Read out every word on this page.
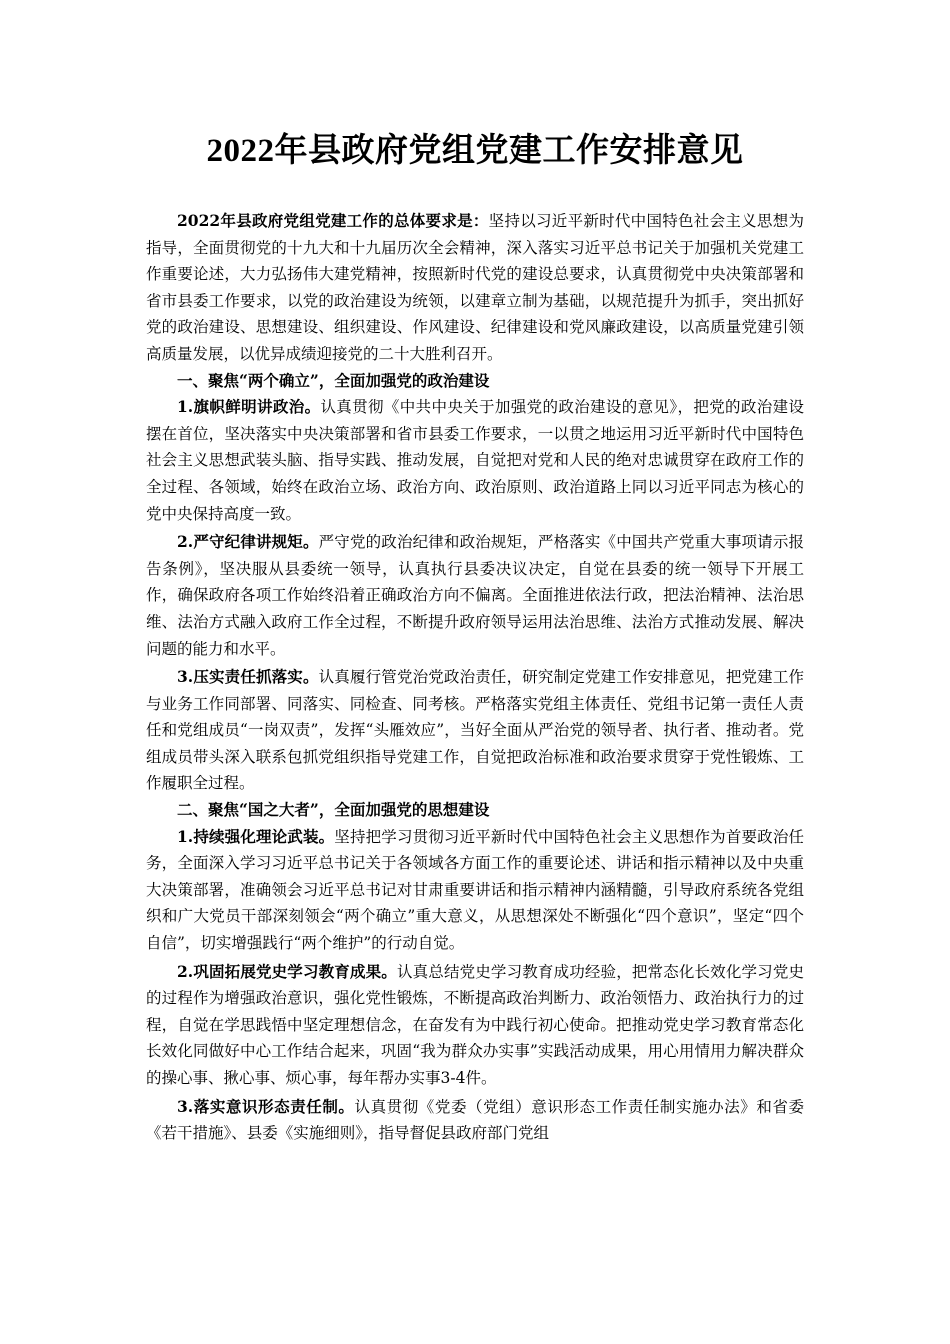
2022年县政府党组党建工作安排意见

2022年县政府党组党建工作的总体要求是：坚持以习近平新时代中国特色社会主义思想为指导，全面贯彻党的十九大和十九届历次全会精神，深入落实习近平总书记关于加强机关党建工作重要论述，大力弘扬伟大建党精神，按照新时代党的建设总要求，认真贯彻党中央决策部署和省市县委工作要求，以党的政治建设为统领，以建章立制为基础，以规范提升为抓手，突出抓好党的政治建设、思想建设、组织建设、作风建设、纪律建设和党风廉政建设，以高质量党建引领高质量发展，以优异成绩迎接党的二十大胜利召开。

一、聚焦“两个确立”，全面加强党的政治建设

1.旗帜鲜明讲政治。认真贯彻《中共中央关于加强党的政治建设的意见》，把党的政治建设摆在首位，坚决落实中央决策部署和省市县委工作要求，一以贯之地运用习近平新时代中国特色社会主义思想武装头脑、指导实践、推动发展，自觉把对党和人民的绝对忠诚贯穿在政府工作的全过程、各领域，始终在政治立场、政治方向、政治原则、政治道路上同以习近平同志为核心的党中央保持高度一致。

2.严守纪律讲规矩。严守党的政治纪律和政治规矩，严格落实《中国共产党重大事项请示报告条例》，坚决服从县委统一领导，认真执行县委决议决定，自觉在县委的统一领导下开展工作，确保政府各项工作始终沿着正确政治方向不偏离。全面推进依法行政，把法治精神、法治思维、法治方式融入政府工作全过程，不断提升政府领导运用法治思维、法治方式推动发展、解决问题的能力和水平。

3.压实责任抓落实。认真履行管党治党政治责任，研究制定党建工作安排意见，把党建工作与业务工作同部署、同落实、同检查、同考核。严格落实党组主体责任、党组书记第一责任人责任和党组成员“一岗双责”，发挥“头雁效应”，当好全面从严治党的领导者、执行者、推动者。党组成员带头深入联系包抓党组织指导党建工作，自觉把政治标准和政治要求贯穿于党性锻炼、工作履职全过程。

二、聚焦“国之大者”，全面加强党的思想建设

1.持续强化理论武装。坚持把学习贯彻习近平新时代中国特色社会主义思想作为首要政治任务，全面深入学习习近平总书记关于各领域各方面工作的重要论述、讲话和指示精神以及中央重大决策部署，准确领会习近平总书记对甘肃重要讲话和指示精神内涵精髓，引导政府系统各党组织和广大党员干部深刻领会“两个确立”重大意义，从思想深处不断强化“四个意识”，坚定“四个自信”，切实增强践行“两个维护”的行动自觉。

2.巩固拓展党史学习教育成果。认真总结党史学习教育成功经验，把常态化长效化学习党史的过程作为增强政治意识，强化党性锻炼，不断提高政治判断力、政治领悟力、政治执行力的过程，自觉在学思践悟中坚定理想信念，在奋发有为中践行初心使命。把推动党史学习教育常态化长效化同做好中心工作结合起来，巩固“我为群众办实事”实践活动成果，用心用情用力解决群众的操心事、揪心事、烦心事，每年帮办实事3-4件。

3.落实意识形态责任制。认真贯彻《党委（党组）意识形态工作责任制实施办法》和省委《若干措施》、县委《实施细则》，指导督促县政府部门党组
